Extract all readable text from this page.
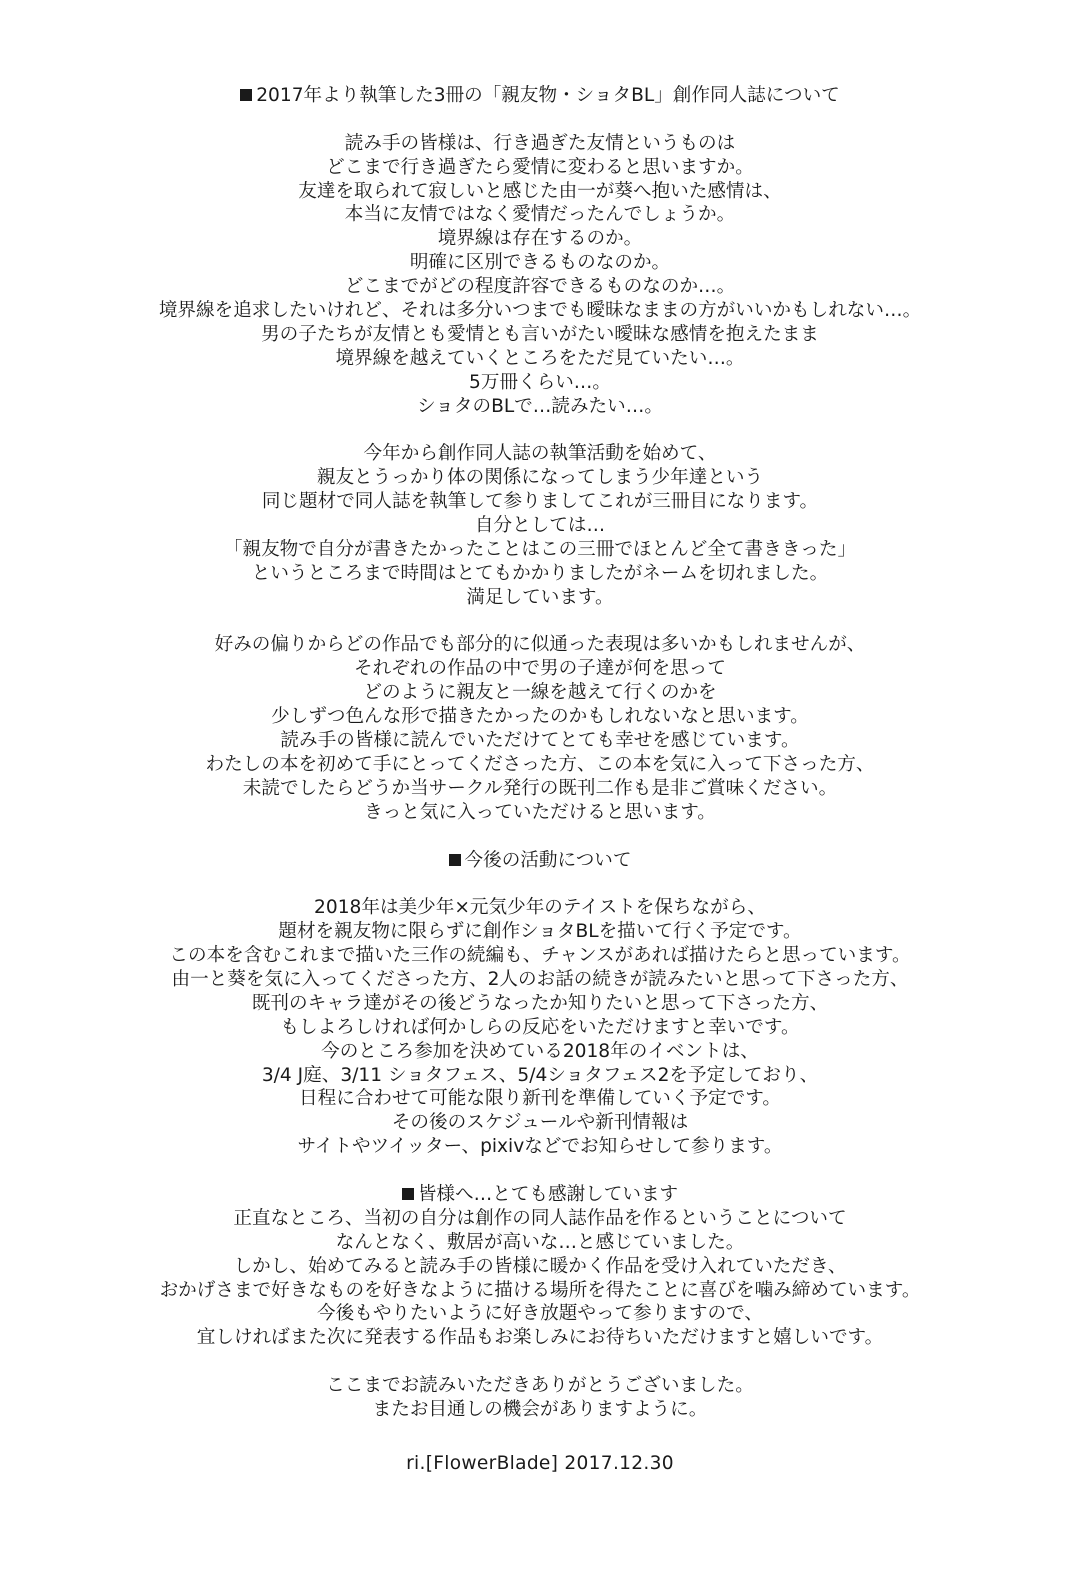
2017年より執筆した3冊の「親友物・ショタBL」創作同人誌について
読み手の皆様は、行き過ぎた友情というものは
どこまで行き過ぎたら愛情に変わると思いますか。
友達を取られて寂しいと感じた由一が葵へ抱いた感情は、
本当に友情ではなく愛情だったんでしょうか。
境界線は存在するのか。
明確に区別できるものなのか。
どこまでがどの程度許容できるものなのか…。
境界線を追求したいけれど、それは多分いつまでも曖昧なままの方がいいかもしれない…。
男の子たちが友情とも愛情とも言いがたい曖昧な感情を抱えたまま
境界線を越えていくところをただ見ていたい…。
5万冊くらい…。
ショタのBLで…読みたい…。
今年から創作同人誌の執筆活動を始めて、
親友とうっかり体の関係になってしまう少年達という
同じ題材で同人誌を執筆して参りましてこれが三冊目になります。
自分としては…
「親友物で自分が書きたかったことはこの三冊でほとんど全て書ききった」
というところまで時間はとてもかかりましたがネームを切れました。
満足しています。
好みの偏りからどの作品でも部分的に似通った表現は多いかもしれませんが、
それぞれの作品の中で男の子達が何を思って
どのように親友と一線を越えて行くのかを
少しずつ色んな形で描きたかったのかもしれないなと思います。
読み手の皆様に読んでいただけてとても幸せを感じています。
わたしの本を初めて手にとってくださった方、この本を気に入って下さった方、
未読でしたらどうか当サークル発行の既刊二作も是非ご賞味ください。
きっと気に入っていただけると思います。
今後の活動について
2018年は美少年×元気少年のテイストを保ちながら、
題材を親友物に限らずに創作ショタBLを描いて行く予定です。
この本を含むこれまで描いた三作の続編も、チャンスがあれば描けたらと思っています。
由一と葵を気に入ってくださった方、2人のお話の続きが読みたいと思って下さった方、
既刊のキャラ達がその後どうなったか知りたいと思って下さった方、
もしよろしければ何かしらの反応をいただけますと幸いです。
今のところ参加を決めている2018年のイベントは、
3/4 J庭、3/11 ショタフェス、5/4ショタフェス2を予定しており、
日程に合わせて可能な限り新刊を準備していく予定です。
その後のスケジュールや新刊情報は
サイトやツイッター、pixivなどでお知らせして参ります。
皆様へ…とても感謝しています
正直なところ、当初の自分は創作の同人誌作品を作るということについて
なんとなく、敷居が高いな…と感じていました。
しかし、始めてみると読み手の皆様に暖かく作品を受け入れていただき、
おかげさまで好きなものを好きなように描ける場所を得たことに喜びを噛み締めています。
今後もやりたいように好き放題やって参りますので、
宜しければまた次に発表する作品もお楽しみにお待ちいただけますと嬉しいです。
ここまでお読みいただきありがとうございました。
またお目通しの機会がありますように。
ri.[FlowerBlade] 2017.12.30
